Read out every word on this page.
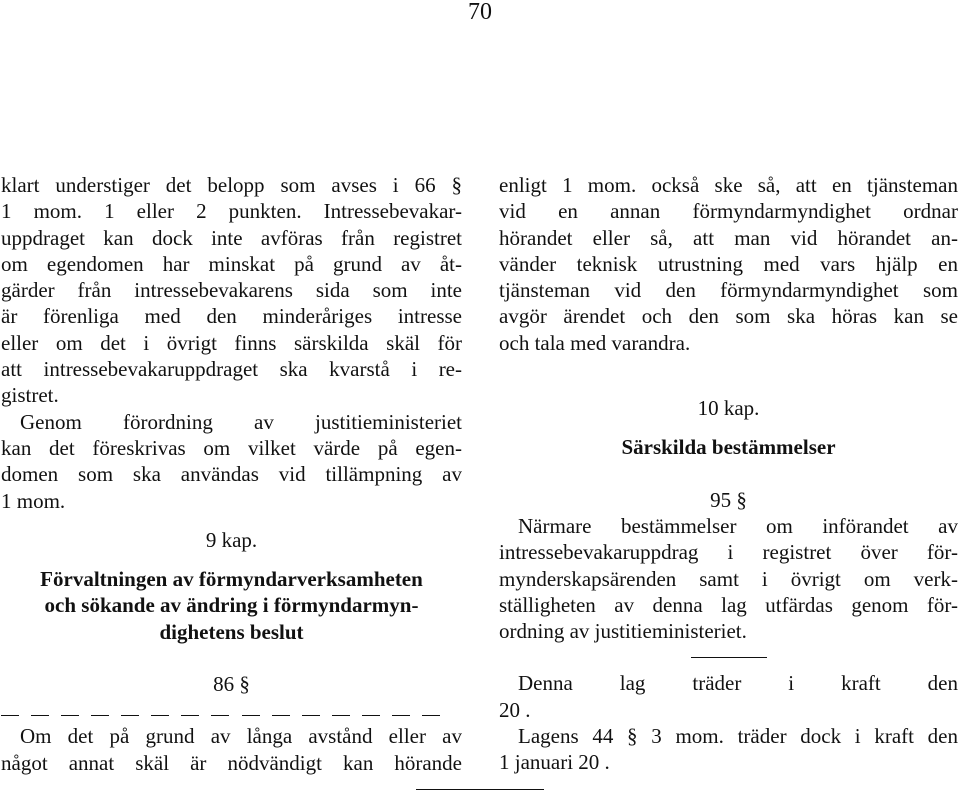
70
klart understiger det belopp som avses i 66 §
1 mom. 1 eller 2 punkten. Intressebevakar-
uppdraget kan dock inte avföras från registret
om egendomen har minskat på grund av åt-
gärder från intressebevakarens sida som inte
är förenliga med den minderåriges intresse
eller om det i övrigt finns särskilda skäl för
att intressebevakaruppdraget ska kvarstå i re-
gistret.
Genom förordning av justitieministeriet
kan det föreskrivas om vilket värde på egen-
domen som ska användas vid tillämpning av
1 mom.
9 kap.
Förvaltningen av förmyndarverksamheten
och sökande av ändring i förmyndarmyn-
dighetens beslut
86 §
Om det på grund av långa avstånd eller av
något annat skäl är nödvändigt kan hörande
enligt 1 mom. också ske så, att en tjänsteman
vid en annan förmyndarmyndighet ordnar
hörandet eller så, att man vid hörandet an-
vänder teknisk utrustning med vars hjälp en
tjänsteman vid den förmyndarmyndighet som
avgör ärendet och den som ska höras kan se
och tala med varandra.
10 kap.
Särskilda bestämmelser
95 §
Närmare bestämmelser om införandet av
intressebevakaruppdrag i registret över för-
mynderskapsärenden samt i övrigt om verk-
ställigheten av denna lag utfärdas genom för-
ordning av justitieministeriet.
Denna lag träder i kraft den
20 .
Lagens 44 § 3 mom. träder dock i kraft den
1 januari 20 .
